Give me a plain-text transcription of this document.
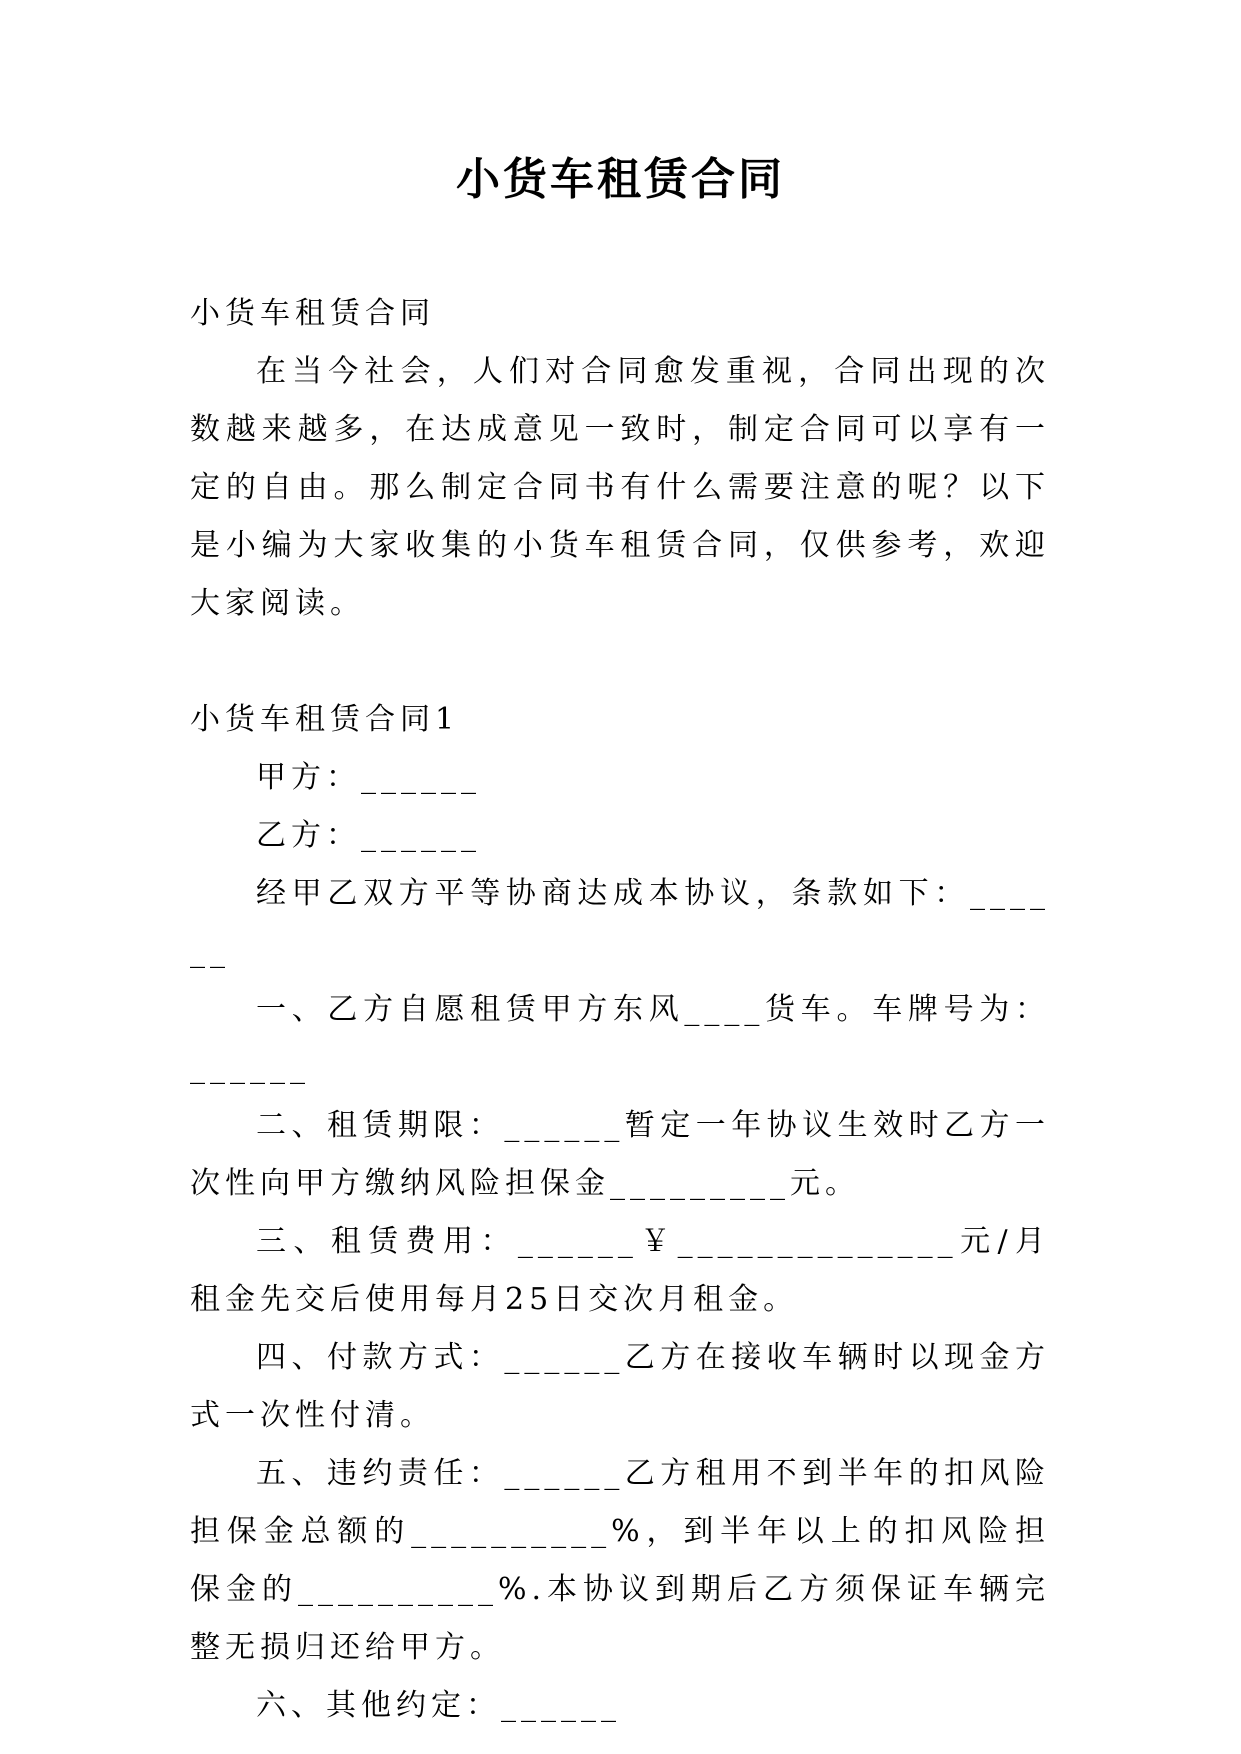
小货车租赁合同

小货车租赁合同

在当今社会，人们对合同愈发重视，合同出现的次数越来越多，在达成意见一致时，制定合同可以享有一定的自由。那么制定合同书有什么需要注意的呢？以下是小编为大家收集的小货车租赁合同，仅供参考，欢迎大家阅读。

小货车租赁合同1

甲方：______

乙方：______

经甲乙双方平等协商达成本协议，条款如下：______

一、乙方自愿租赁甲方东风____货车。车牌号为：______

二、租赁期限：______暂定一年协议生效时乙方一次性向甲方缴纳风险担保金_________元。

三、租赁费用：______￥______________元/月租金先交后使用每月25日交次月租金。

四、付款方式：______乙方在接收车辆时以现金方式一次性付清。

五、违约责任：______乙方租用不到半年的扣风险担保金总额的__________%，到半年以上的扣风险担保金的__________%.本协议到期后乙方须保证车辆完整无损归还给甲方。

六、其他约定：______
